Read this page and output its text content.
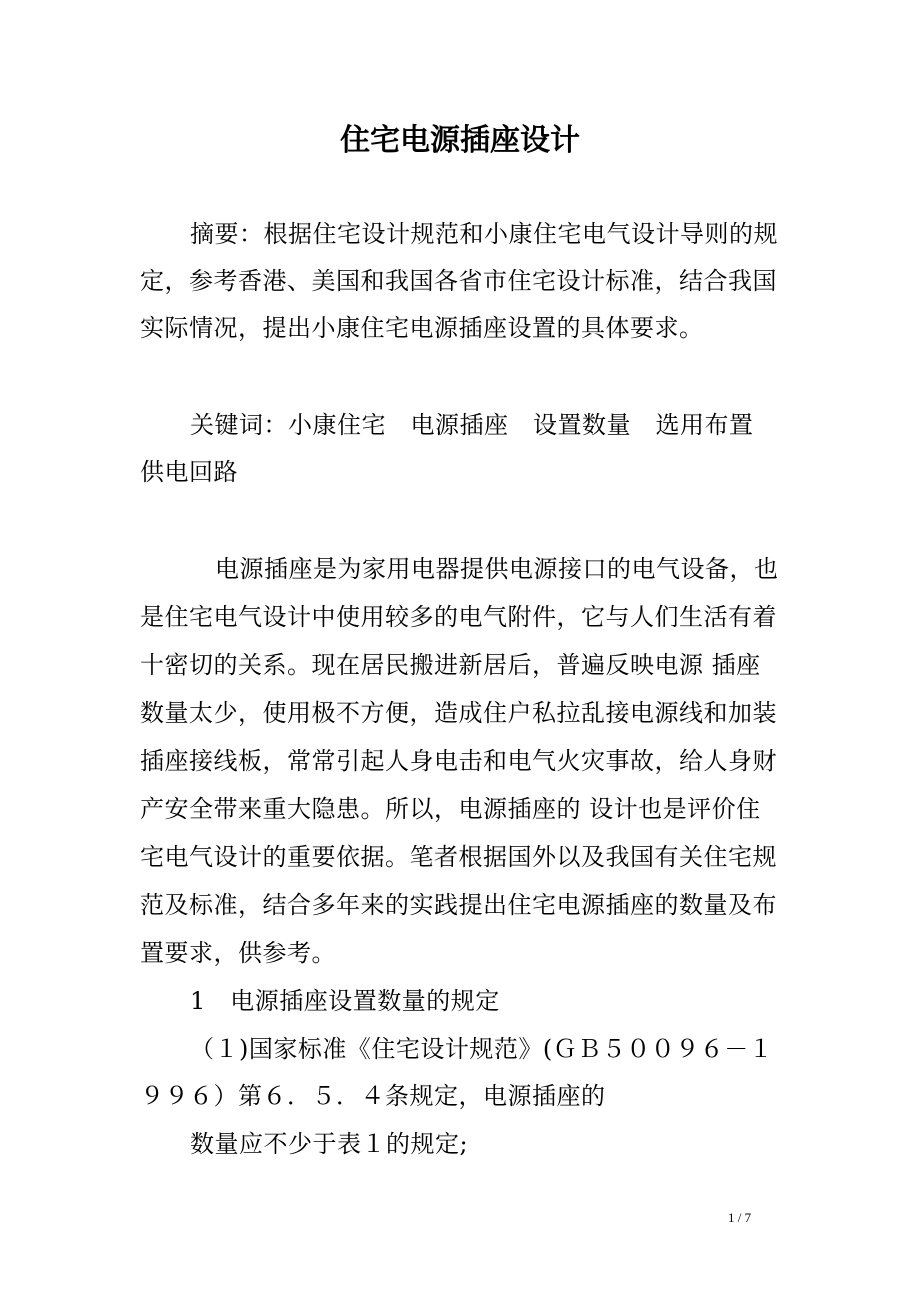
住宅电源插座设计
摘要：根据住宅设计规范和小康住宅电气设计导则的规
定，参考香港、美国和我国各省市住宅设计标准，结合我国
实际情况，提出小康住宅电源插座设置的具体要求。
关键词：小康住宅　电源插座　设置数量　选用布置
供电回路
电源插座是为家用电器提供电源接口的电气设备，也
是住宅电气设计中使用较多的电气附件，它与人们生活有着
十密切的关系。现在居民搬进新居后，普遍反映电源 插座
数量太少，使用极不方便，造成住户私拉乱接电源线和加装
插座接线板，常常引起人身电击和电气火灾事故，给人身财
产安全带来重大隐患。所以，电源插座的 设计也是评价住
宅电气设计的重要依据。笔者根据国外以及我国有关住宅规
范及标准，结合多年来的实践提出住宅电源插座的数量及布
置要求，供参考。
1　电源插座设置数量的规定
（１)国家标准《住宅设计规范》(ＧＢ５００９６－１
９９６）第６．５．４条规定，电源插座的
数量应不少于表１的规定;
1 / 7
